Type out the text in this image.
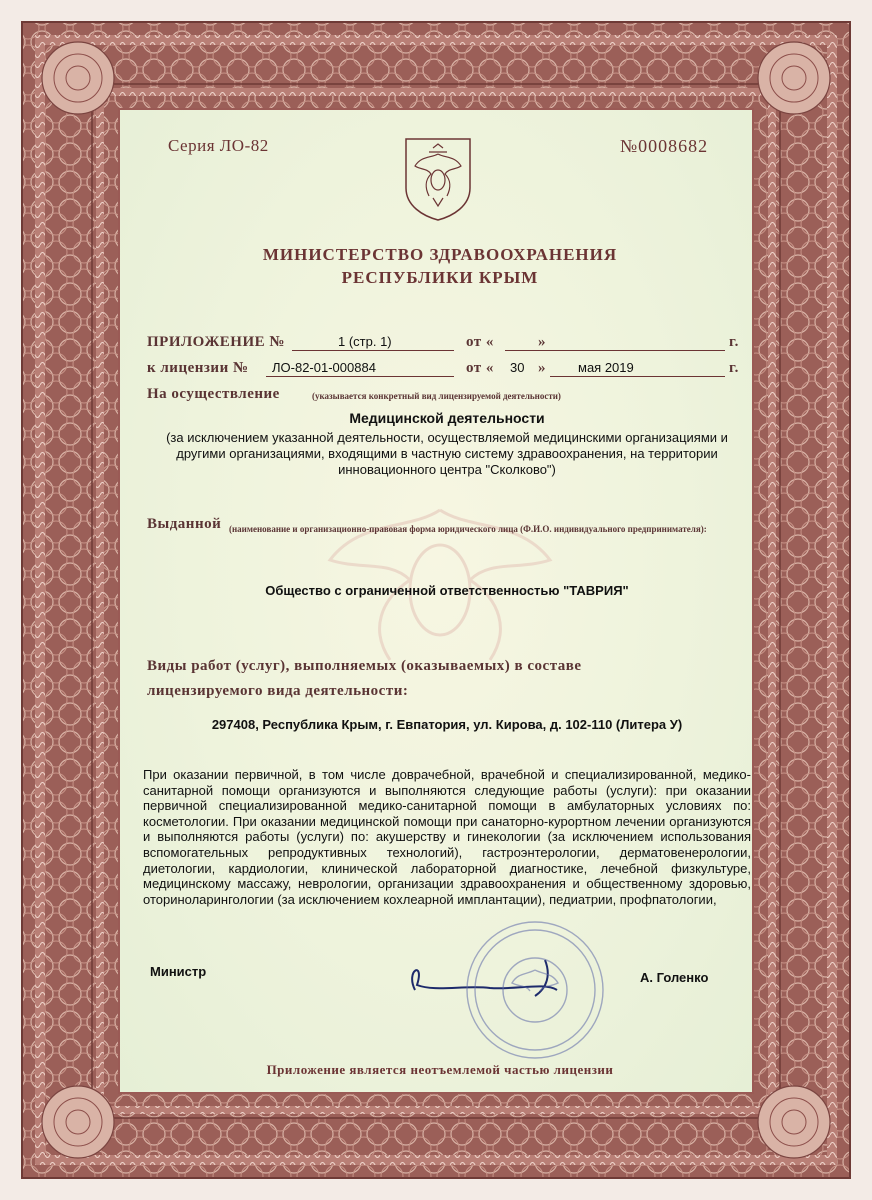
Серия ЛО-82	№0008682
МИНИСТЕРСТВО ЗДРАВООХРАНЕНИЯ
РЕСПУБЛИКИ КРЫМ
ПРИЛОЖЕНИЕ №	1 (стр. 1)	от «	»	г.
к лицензии № ЛО-82-01-000884	от « 30 » мая 2019	г.
На осуществление	(указывается конкретный вид лицензируемой деятельности)
Медицинской деятельности
(за исключением указанной деятельности, осуществляемой медицинскими организациями и другими организациями, входящими в частную систему здравоохранения, на территории инновационного центра "Сколково")
Выданной (наименование и организационно-правовая форма юридического лица (Ф.И.О. индивидуального предпринимателя):
Общество с ограниченной ответственностью "ТАВРИЯ"
Виды работ (услуг), выполняемых (оказываемых) в составе
лицензируемого вида деятельности:
297408, Республика Крым, г. Евпатория, ул. Кирова, д. 102-110 (Литера У)
При оказании первичной, в том числе доврачебной, врачебной и специализированной, медико-санитарной помощи организуются и выполняются следующие работы (услуги): при оказании первичной специализированной медико-санитарной помощи в амбулаторных условиях по: косметологии. При оказании медицинской помощи при санаторно-курортном лечении организуются и выполняются работы (услуги) по: акушерству и гинекологии (за исключением использования вспомогательных репродуктивных технологий), гастроэнтерологии, дерматовенерологии, диетологии, кардиологии, клинической лабораторной диагностике, лечебной физкультуре, медицинскому массажу, неврологии, организации здравоохранения и общественному здоровью, оториноларингологии (за исключением кохлеарной имплантации), педиатрии, профпатологии,
Министр	А. Голенко
Приложение является неотъемлемой частью лицензии
